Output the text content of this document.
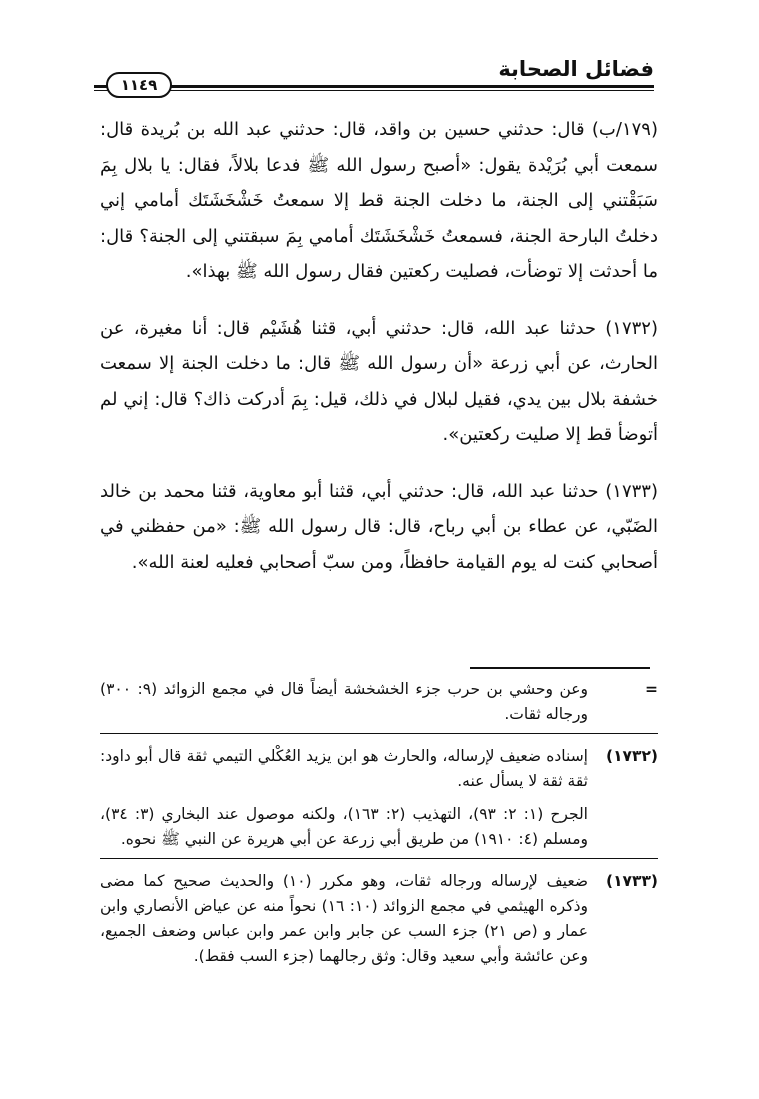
فضائل الصحابة
١١٤٩

(١٧٩/ب) قال: حدثني حسين بن واقد، قال: حدثني عبد الله بن بُريدة قال: سمعت أبي بُرَيْدة يقول: «أصبح رسول الله ﷺ فدعا بلالاً، فقال: يا بلال بِمَ سَبَقْتني إلى الجنة، ما دخلت الجنة قط إلا سمعتُ خَشْخَشَتَك أمامي إني دخلتُ البارحة الجنة، فسمعتُ خَشْخَشَتَك أمامي بِمَ سبقتني إلى الجنة؟ قال: ما أحدثت إلا توضأت، فصليت ركعتين فقال رسول الله ﷺ بهذا».

(١٧٣٢) حدثنا عبد الله، قال: حدثني أبي، قثنا هُشَيْم قال: أنا مغيرة، عن الحارث، عن أبي زرعة «أن رسول الله ﷺ قال: ما دخلت الجنة إلا سمعت خشفة بلال بين يدي، فقيل لبلال في ذلك، قيل: بِمَ أدركت ذاك؟ قال: إني لم أتوضأ قط إلا صليت ركعتين».

(١٧٣٣) حدثنا عبد الله، قال: حدثني أبي، قثنا أبو معاوية، قثنا محمد بن خالد الضَبّي، عن عطاء بن أبي رباح، قال: قال رسول الله ﷺ: «من حفظني في أصحابي كنت له يوم القيامة حافظاً، ومن سبّ أصحابي فعليه لعنة الله».

=

وعن وحشي بن حرب جزء الخشخشة أيضاً قال في مجمع الزوائد (٩: ٣٠٠) ورجاله ثقات.

(١٧٣٢)

إسناده ضعيف لإرساله، والحارث هو ابن يزيد العُكْلي التيمي ثقة قال أبو داود: ثقة ثقة لا يسأل عنه.

الجرح (١: ٢: ٩٣)، التهذيب (٢: ١٦٣)، ولكنه موصول عند البخاري (٣: ٣٤)، ومسلم (٤: ١٩١٠) من طريق أبي زرعة عن أبي هريرة عن النبي ﷺ نحوه.

(١٧٣٣)

ضعيف لإرساله ورجاله ثقات، وهو مكرر (١٠) والحديث صحيح كما مضى وذكره الهيثمي في مجمع الزوائد (١٠: ١٦) نحواً منه عن عياض الأنصاري وابن عمار و (ص ٢١) جزء السب عن جابر وابن عمر وابن عباس وضعف الجميع، وعن عائشة وأبي سعيد وقال: وثق رجالهما (جزء السب فقط).
